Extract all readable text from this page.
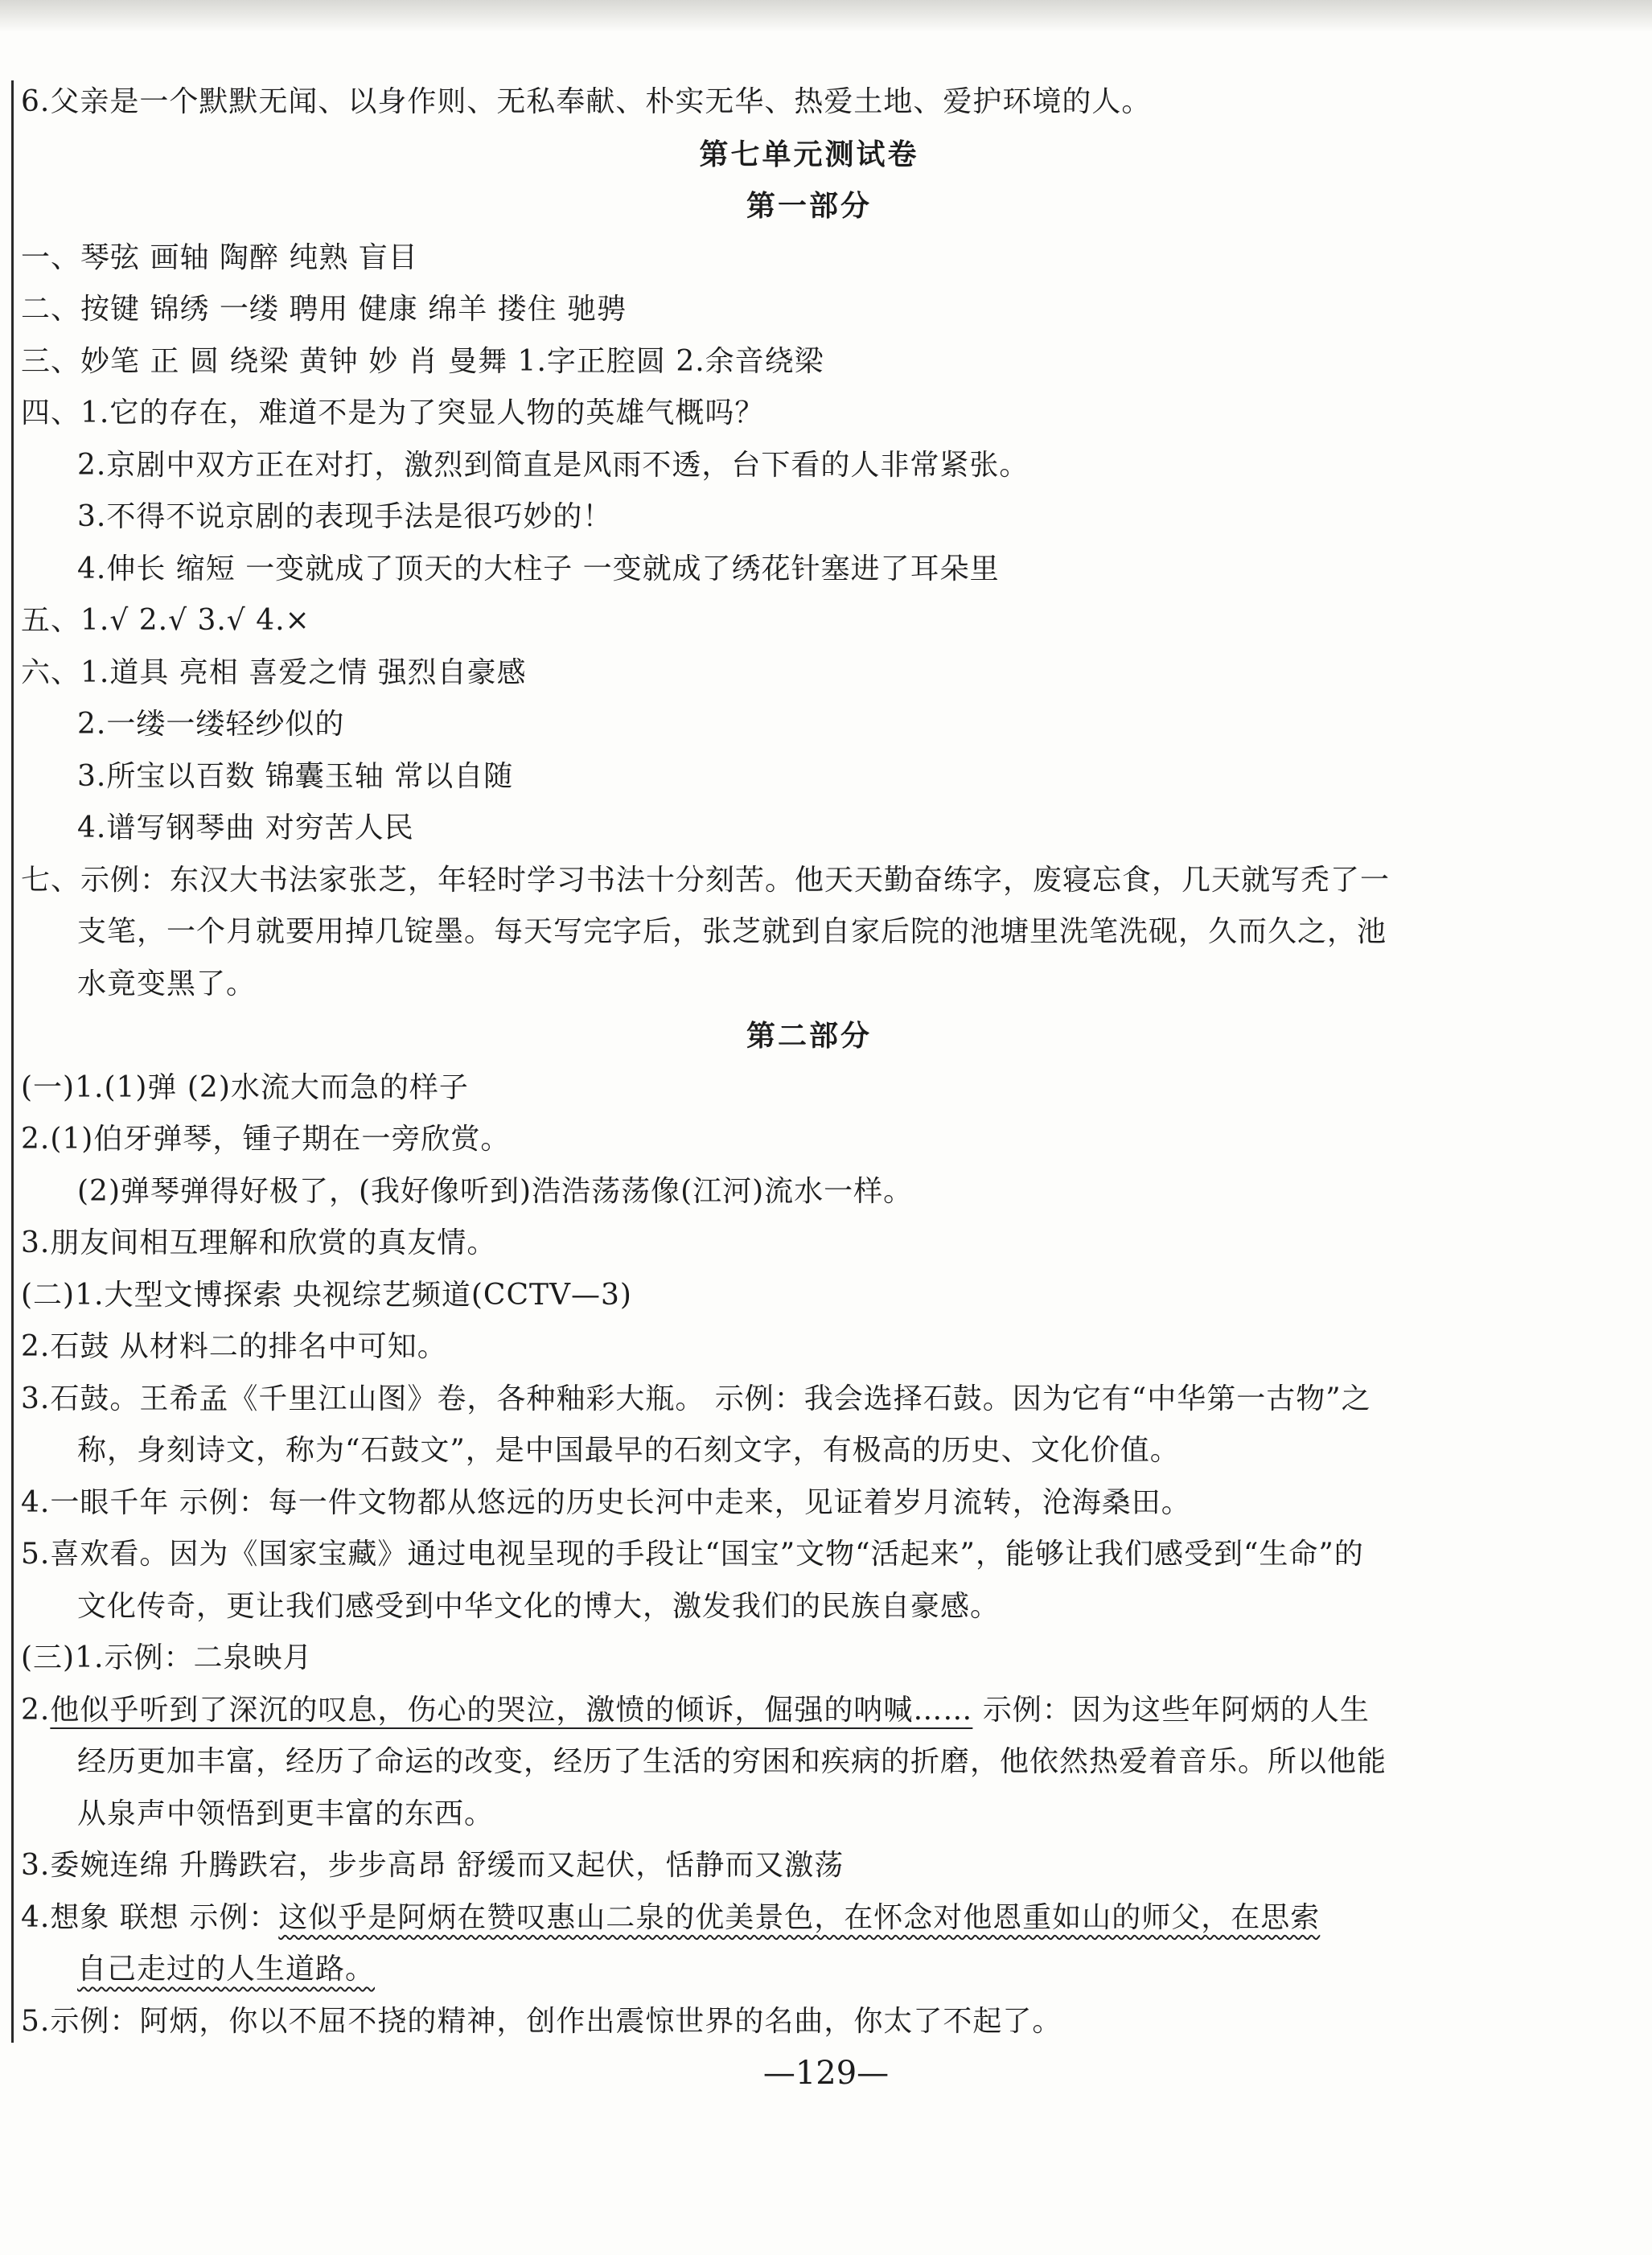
6.父亲是一个默默无闻、以身作则、无私奉献、朴实无华、热爱土地、爱护环境的人。
第七单元测试卷
第一部分
一、琴弦 画轴 陶醉 纯熟 盲目
二、按键 锦绣 一缕 聘用 健康 绵羊 搂住 驰骋
三、妙笔 正 圆 绕梁 黄钟 妙 肖 曼舞 1.字正腔圆 2.余音绕梁
四、1.它的存在，难道不是为了突显人物的英雄气概吗？
2.京剧中双方正在对打，激烈到简直是风雨不透，台下看的人非常紧张。
3.不得不说京剧的表现手法是很巧妙的！
4.伸长 缩短 一变就成了顶天的大柱子 一变就成了绣花针塞进了耳朵里
五、1.√ 2.√ 3.√ 4.×
六、1.道具 亮相 喜爱之情 强烈自豪感
2.一缕一缕轻纱似的
3.所宝以百数 锦囊玉轴 常以自随
4.谱写钢琴曲 对穷苦人民
七、示例：东汉大书法家张芝，年轻时学习书法十分刻苦。他天天勤奋练字，废寝忘食，几天就写秃了一
支笔，一个月就要用掉几锭墨。每天写完字后，张芝就到自家后院的池塘里洗笔洗砚，久而久之，池
水竟变黑了。
第二部分
(一)1.(1)弹 (2)水流大而急的样子
2.(1)伯牙弹琴，锺子期在一旁欣赏。
(2)弹琴弹得好极了，(我好像听到)浩浩荡荡像(江河)流水一样。
3.朋友间相互理解和欣赏的真友情。
(二)1.大型文博探索 央视综艺频道(CCTV—3)
2.石鼓 从材料二的排名中可知。
3.石鼓。王希孟《千里江山图》卷，各种釉彩大瓶。 示例：我会选择石鼓。因为它有“中华第一古物”之
称，身刻诗文，称为“石鼓文”，是中国最早的石刻文字，有极高的历史、文化价值。
4.一眼千年 示例：每一件文物都从悠远的历史长河中走来，见证着岁月流转，沧海桑田。
5.喜欢看。因为《国家宝藏》通过电视呈现的手段让“国宝”文物“活起来”，能够让我们感受到“生命”的
文化传奇，更让我们感受到中华文化的博大，激发我们的民族自豪感。
(三)1.示例：二泉映月
2.他似乎听到了深沉的叹息，伤心的哭泣，激愤的倾诉，倔强的呐喊…… 示例：因为这些年阿炳的人生
经历更加丰富，经历了命运的改变，经历了生活的穷困和疾病的折磨，他依然热爱着音乐。所以他能
从泉声中领悟到更丰富的东西。
3.委婉连绵 升腾跌宕，步步高昂 舒缓而又起伏，恬静而又激荡
4.想象 联想 示例：这似乎是阿炳在赞叹惠山二泉的优美景色，在怀念对他恩重如山的师父，在思索
自己走过的人生道路。
5.示例：阿炳，你以不屈不挠的精神，创作出震惊世界的名曲，你太了不起了。
—129—
